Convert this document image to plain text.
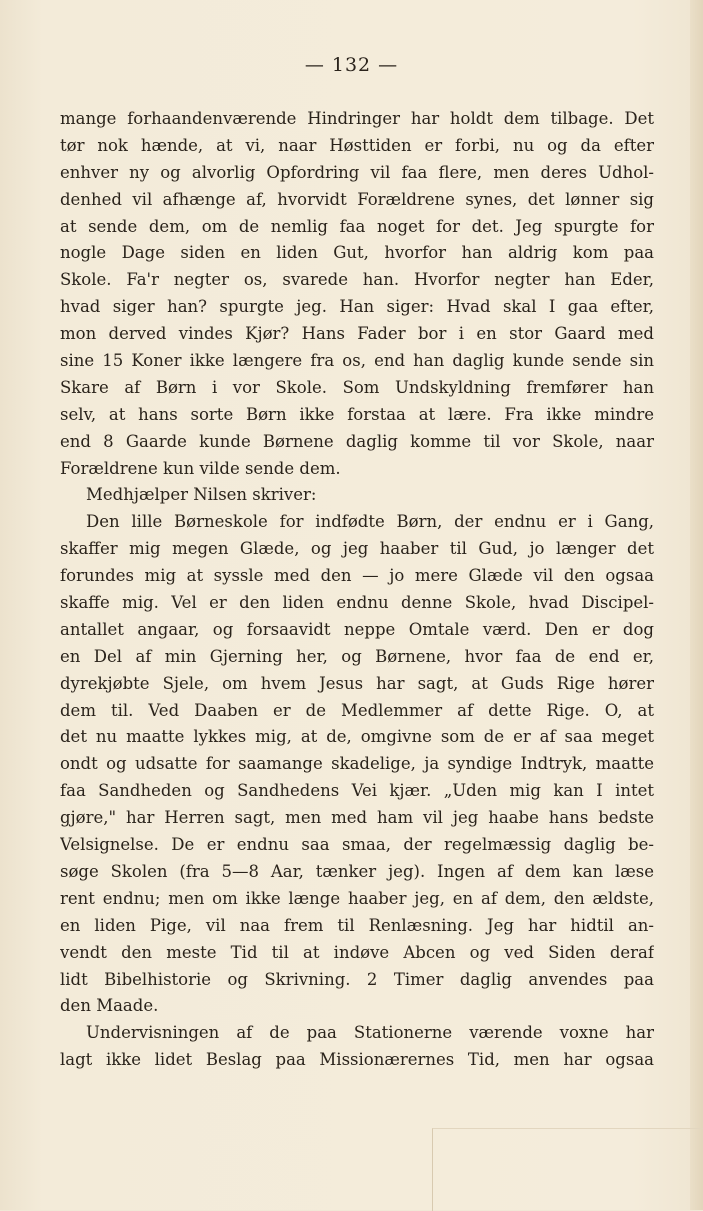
— 132 —
mange forhaandenværende Hindringer har holdt dem tilbage. Det
tør nok hænde, at vi, naar Høsttiden er forbi, nu og da efter
enhver ny og alvorlig Opfordring vil faa flere, men deres Udhol-
denhed vil afhænge af, hvorvidt Forældrene synes, det lønner sig
at sende dem, om de nemlig faa noget for det. Jeg spurgte for
nogle Dage siden en liden Gut, hvorfor han aldrig kom paa
Skole. Fa'r negter os, svarede han. Hvorfor negter han Eder,
hvad siger han? spurgte jeg. Han siger: Hvad skal I gaa efter,
mon derved vindes Kjør? Hans Fader bor i en stor Gaard med
sine 15 Koner ikke længere fra os, end han daglig kunde sende sin
Skare af Børn i vor Skole. Som Undskyldning fremfører han
selv, at hans sorte Børn ikke forstaa at lære. Fra ikke mindre
end 8 Gaarde kunde Børnene daglig komme til vor Skole, naar
Forældrene kun vilde sende dem.
Medhjælper Nilsen skriver:
Den lille Børneskole for indfødte Børn, der endnu er i Gang,
skaffer mig megen Glæde, og jeg haaber til Gud, jo længer det
forundes mig at syssle med den — jo mere Glæde vil den ogsaa
skaffe mig. Vel er den liden endnu denne Skole, hvad Discipel-
antallet angaar, og forsaavidt neppe Omtale værd. Den er dog
en Del af min Gjerning her, og Børnene, hvor faa de end er,
dyrekjøbte Sjele, om hvem Jesus har sagt, at Guds Rige hører
dem til. Ved Daaben er de Medlemmer af dette Rige. O, at
det nu maatte lykkes mig, at de, omgivne som de er af saa meget
ondt og udsatte for saamange skadelige, ja syndige Indtryk, maatte
faa Sandheden og Sandhedens Vei kjær. „Uden mig kan I intet
gjøre," har Herren sagt, men med ham vil jeg haabe hans bedste
Velsignelse. De er endnu saa smaa, der regelmæssig daglig be-
søge Skolen (fra 5—8 Aar, tænker jeg). Ingen af dem kan læse
rent endnu; men om ikke længe haaber jeg, en af dem, den ældste,
en liden Pige, vil naa frem til Renlæsning. Jeg har hidtil an-
vendt den meste Tid til at indøve Abcen og ved Siden deraf
lidt Bibelhistorie og Skrivning. 2 Timer daglig anvendes paa
den Maade.
Undervisningen af de paa Stationerne værende voxne har
lagt ikke lidet Beslag paa Missionærernes Tid, men har ogsaa
